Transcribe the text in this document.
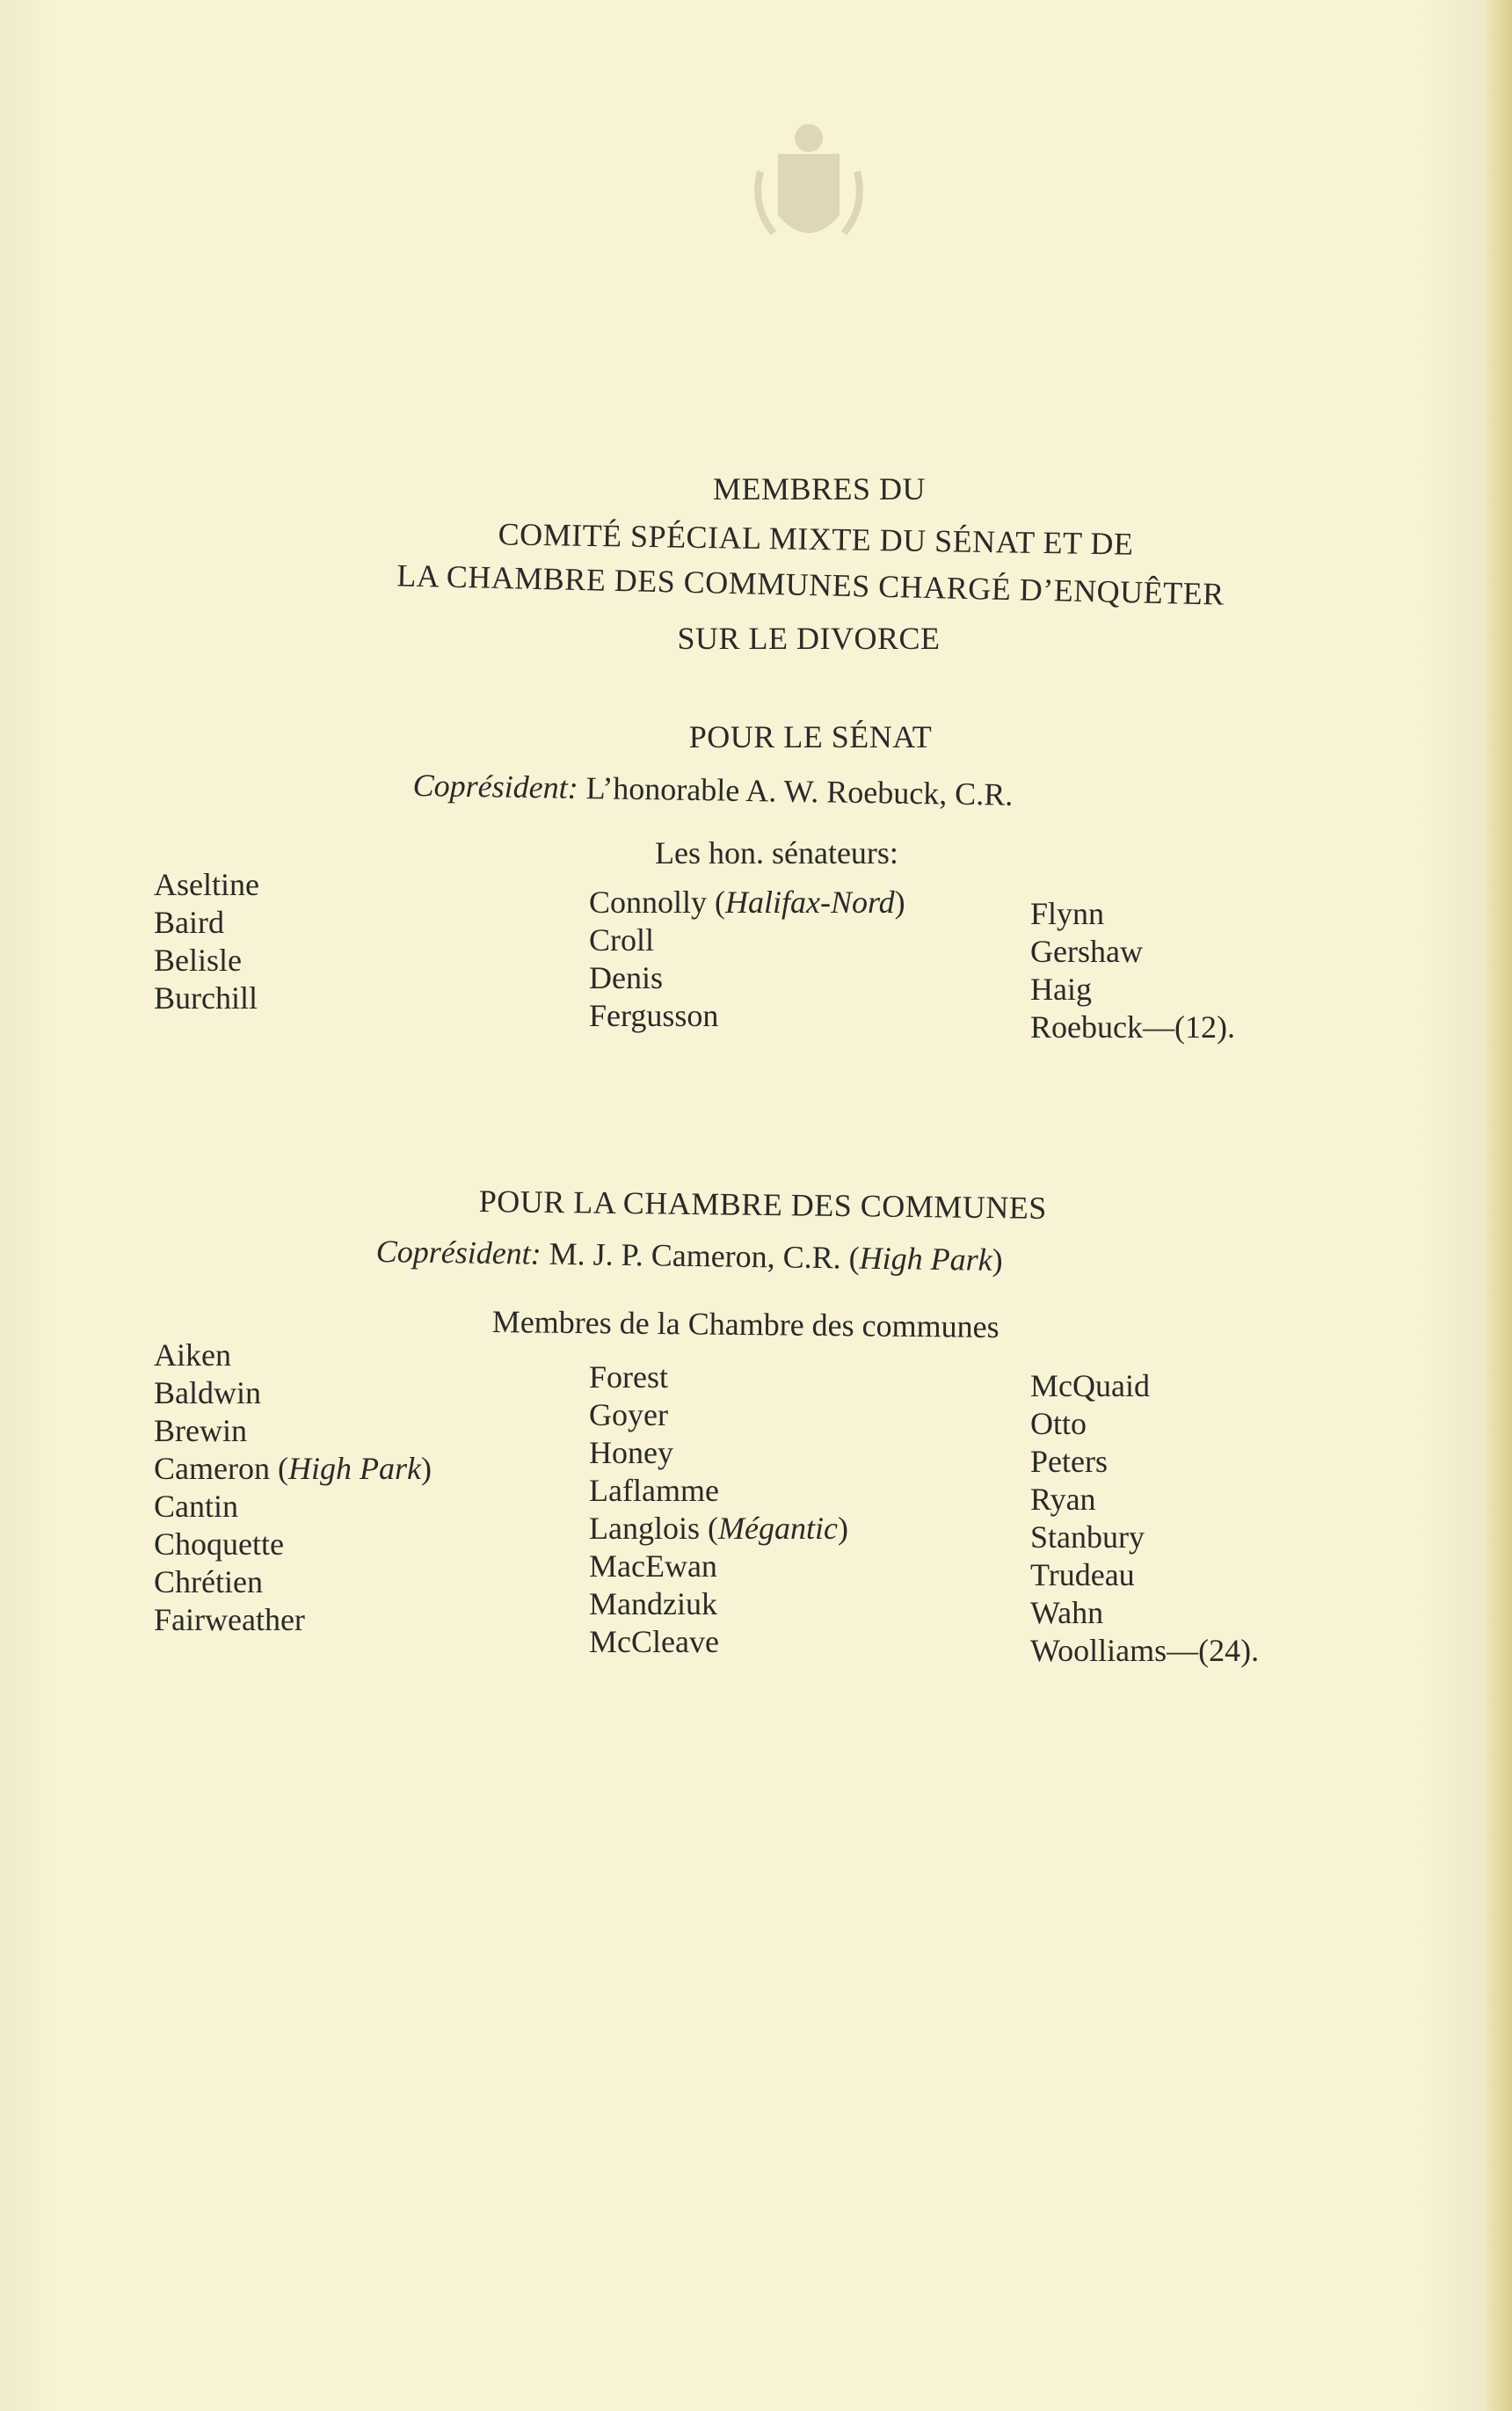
MEMBRES DU
COMITÉ SPÉCIAL MIXTE DU SÉNAT ET DE
LA CHAMBRE DES COMMUNES CHARGÉ D’ENQUÊTER
SUR LE DIVORCE
POUR LE SÉNAT
Coprésident: L’honorable A. W. Roebuck, C.R.
Les hon. sénateurs:
Aseltine
Baird
Belisle
Burchill
Connolly (Halifax-Nord)
Croll
Denis
Fergusson
Flynn
Gershaw
Haig
Roebuck—(12).
POUR LA CHAMBRE DES COMMUNES
Coprésident: M. J. P. Cameron, C.R. (High Park)
Membres de la Chambre des communes
Aiken
Baldwin
Brewin
Cameron (High Park)
Cantin
Choquette
Chrétien
Fairweather
Forest
Goyer
Honey
Laflamme
Langlois (Mégantic)
MacEwan
Mandziuk
McCleave
McQuaid
Otto
Peters
Ryan
Stanbury
Trudeau
Wahn
Woolliams—(24).
